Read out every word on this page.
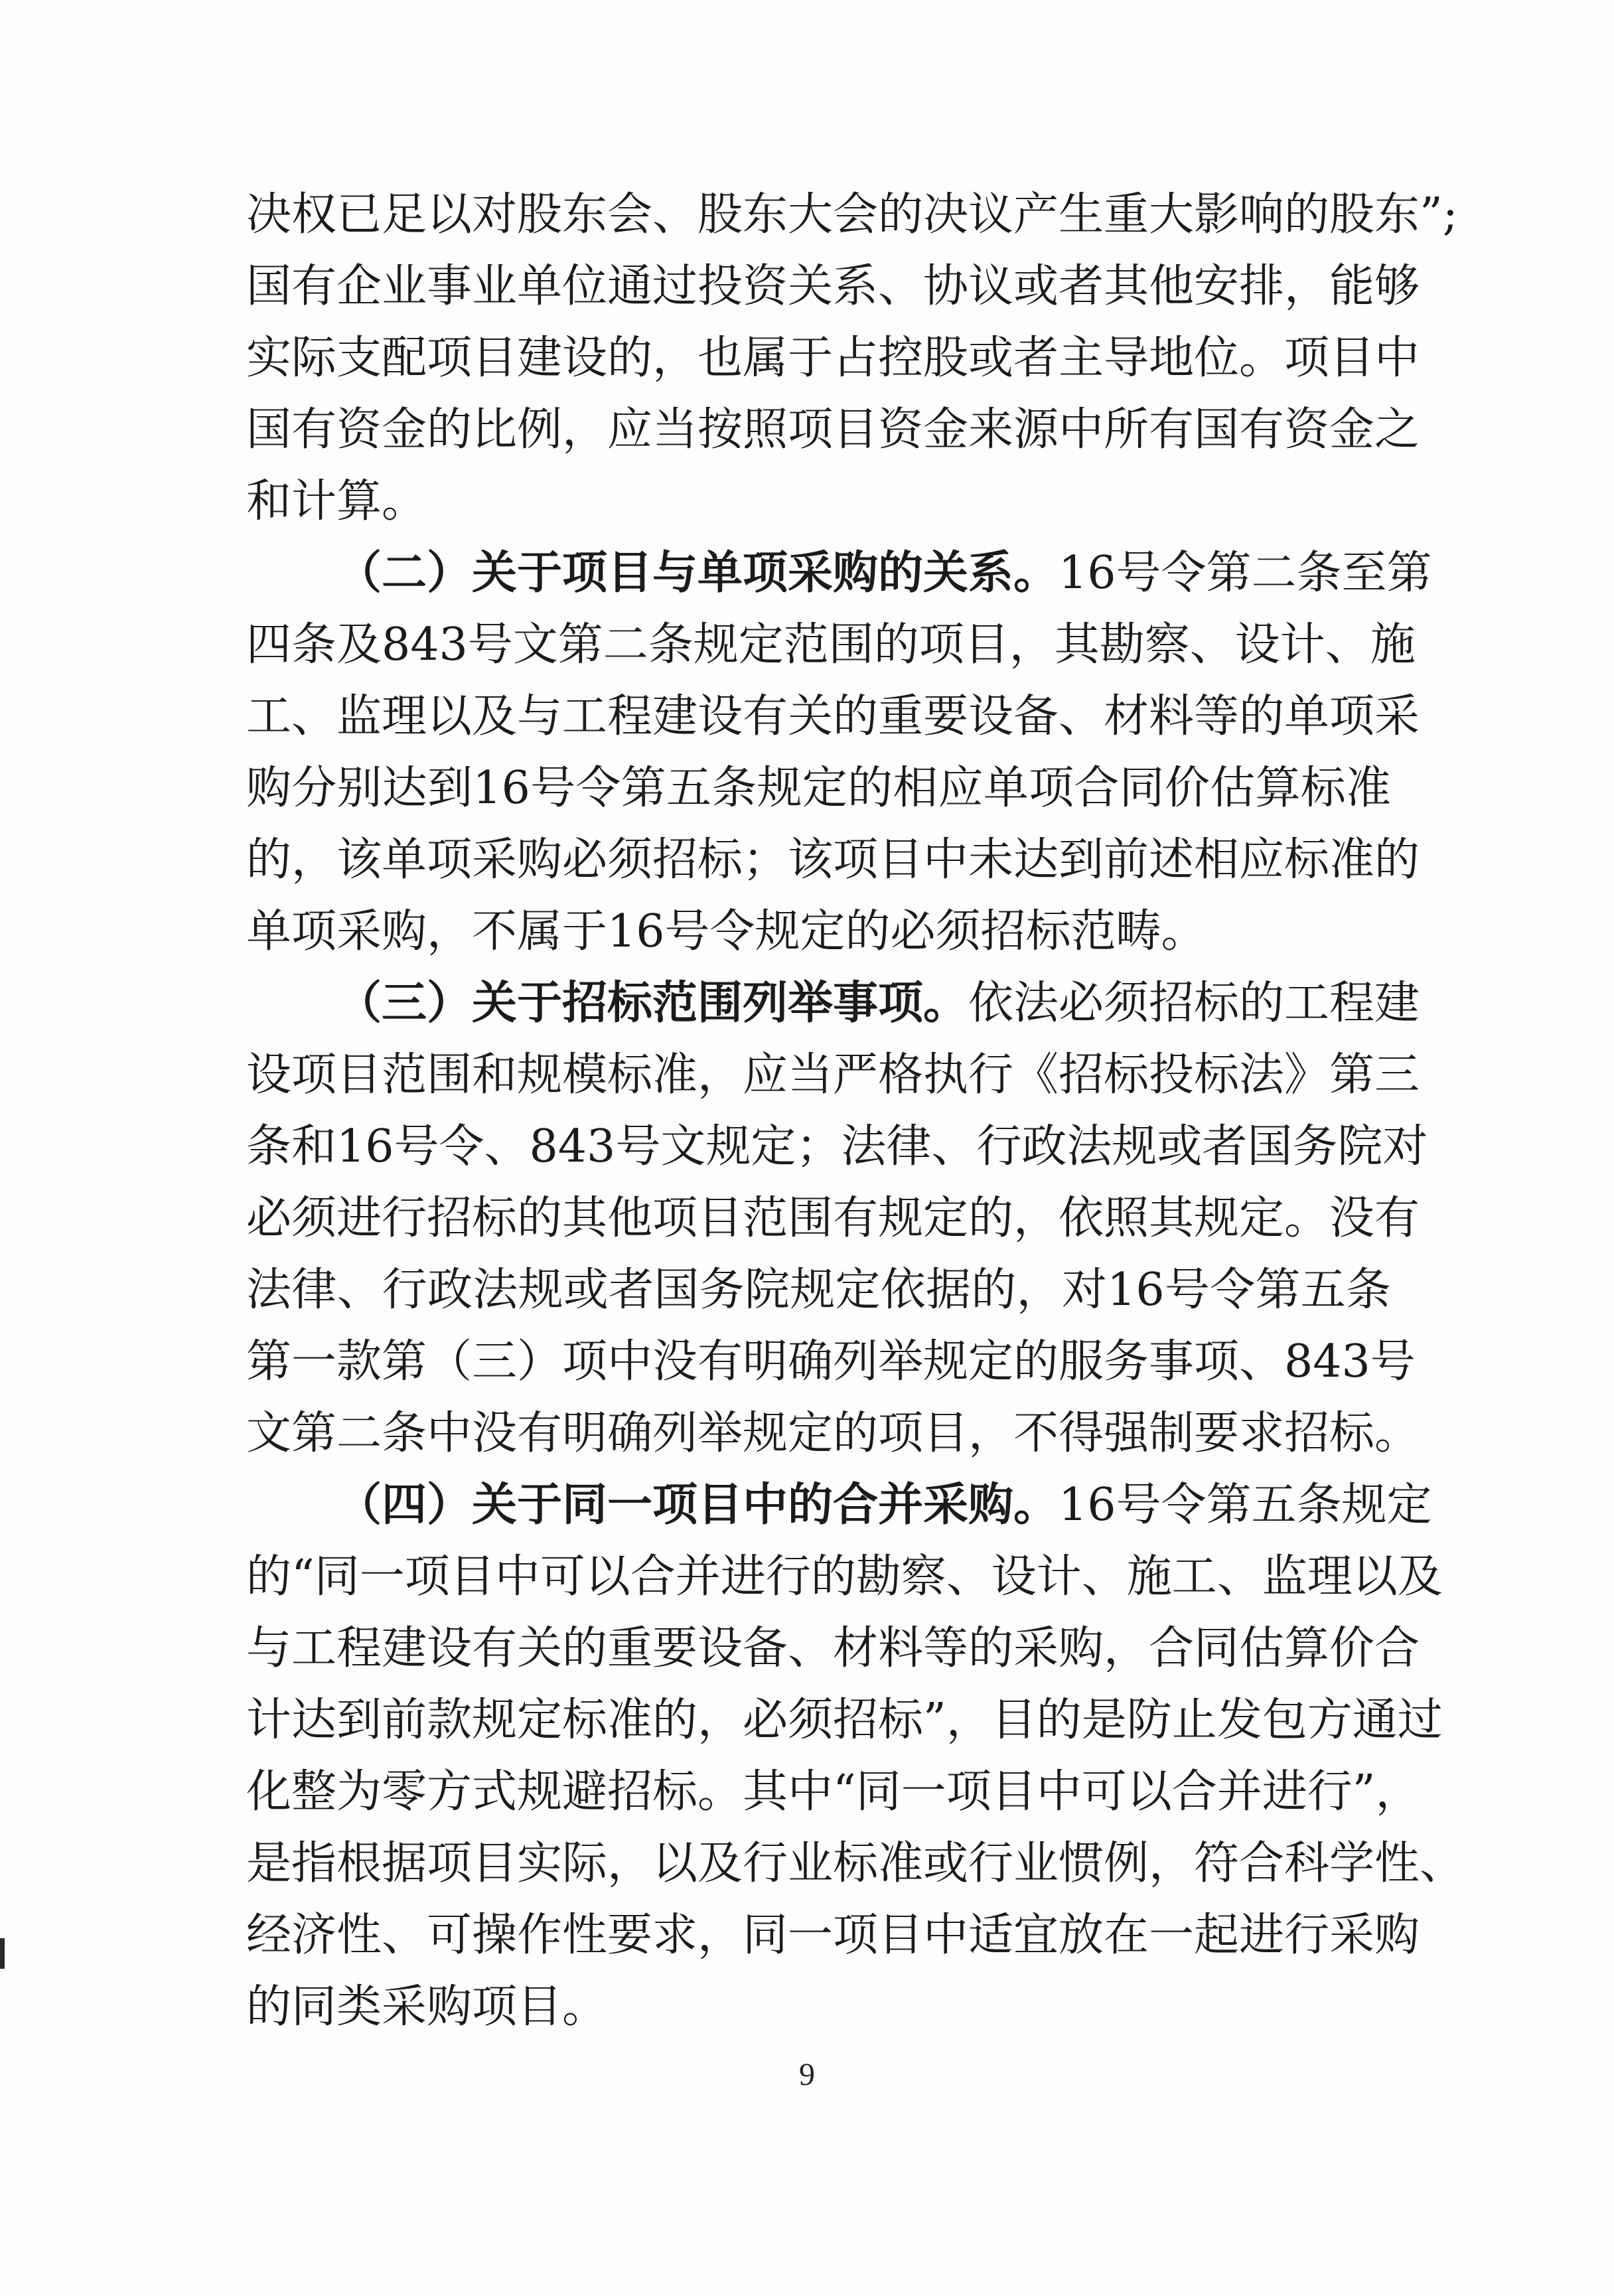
决权已足以对股东会、股东大会的决议产生重大影响的股东”;
国有企业事业单位通过投资关系、协议或者其他安排，能够
实际支配项目建设的，也属于占控股或者主导地位。项目中
国有资金的比例，应当按照项目资金来源中所有国有资金之
和计算。
（二）关于项目与单项采购的关系。16号令第二条至第
四条及843号文第二条规定范围的项目，其勘察、设计、施
工、监理以及与工程建设有关的重要设备、材料等的单项采
购分别达到16号令第五条规定的相应单项合同价估算标准
的，该单项采购必须招标；该项目中未达到前述相应标准的
单项采购，不属于16号令规定的必须招标范畴。
（三）关于招标范围列举事项。依法必须招标的工程建
设项目范围和规模标准，应当严格执行《招标投标法》第三
条和16号令、843号文规定；法律、行政法规或者国务院对
必须进行招标的其他项目范围有规定的，依照其规定。没有
法律、行政法规或者国务院规定依据的，对16号令第五条
第一款第（三）项中没有明确列举规定的服务事项、843号
文第二条中没有明确列举规定的项目，不得强制要求招标。
（四）关于同一项目中的合并采购。16号令第五条规定
的“同一项目中可以合并进行的勘察、设计、施工、监理以及
与工程建设有关的重要设备、材料等的采购，合同估算价合
计达到前款规定标准的，必须招标”，目的是防止发包方通过
化整为零方式规避招标。其中“同一项目中可以合并进行”，
是指根据项目实际，以及行业标准或行业惯例，符合科学性、
经济性、可操作性要求，同一项目中适宜放在一起进行采购
的同类采购项目。
9
